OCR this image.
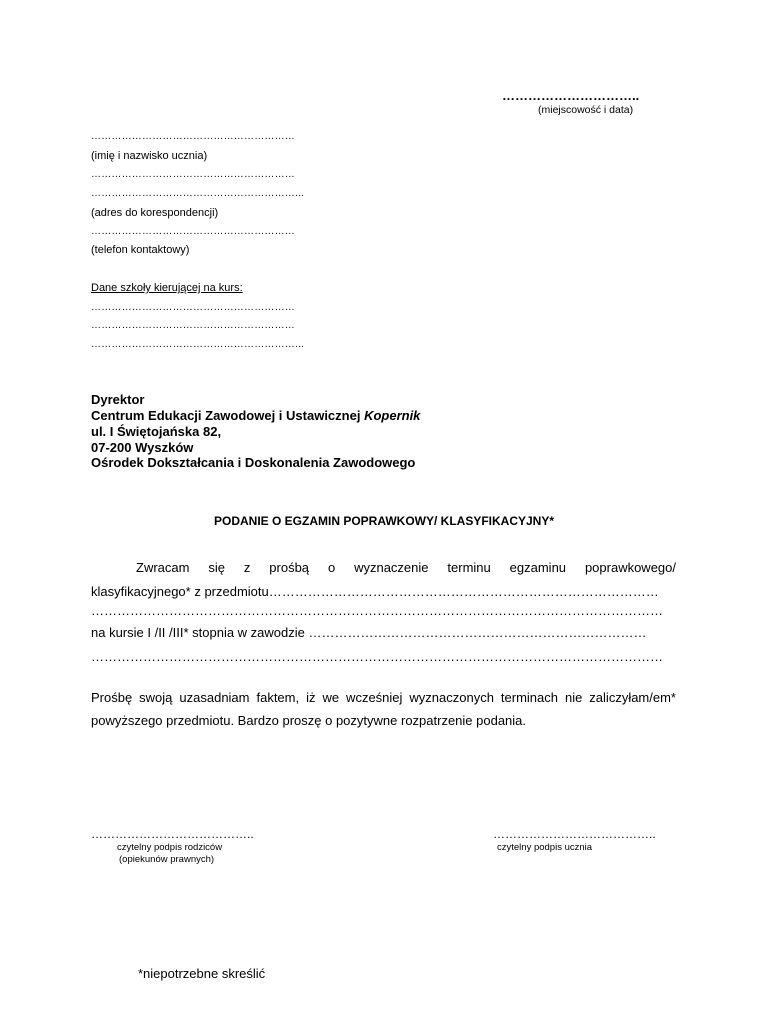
…………………………..
(miejscowość i data)
……………………………………………………
(imię i nazwisko ucznia)
……………………………………………………
……………………………………………………...
(adres do korespondencji)
……………………………………………………
(telefon kontaktowy)
Dane szkoły kierującej na kurs:
……………………………………………………
……………………………………………………
……………………………………………………...
Dyrektor
Centrum Edukacji Zawodowej i Ustawicznej Kopernik
ul. I Świętojańska 82,
07-200 Wyszków
Ośrodek Dokształcania i Doskonalenia Zawodowego
PODANIE O EGZAMIN POPRAWKOWY/ KLASYFIKACYJNY*
Zwracam się z prośbą o wyznaczenie terminu egzaminu poprawkowego/
klasyfikacyjnego* z przedmiotu………………………………………………………………………………
……………………………………………………………………………………………………………………
na kursie I /II /III* stopnia w zawodzie ……………………………………………………………………
……………………………………………………………………………………………………………………
Prośbę swoją uzasadniam faktem, iż we wcześniej wyznaczonych terminach nie zaliczyłam/em*
powyższego przedmiotu. Bardzo proszę o pozytywne rozpatrzenie podania.
…………………………………..
czytelny podpis rodziców
(opiekunów prawnych)
…………………………………..
czytelny podpis ucznia
*niepotrzebne skreślić
